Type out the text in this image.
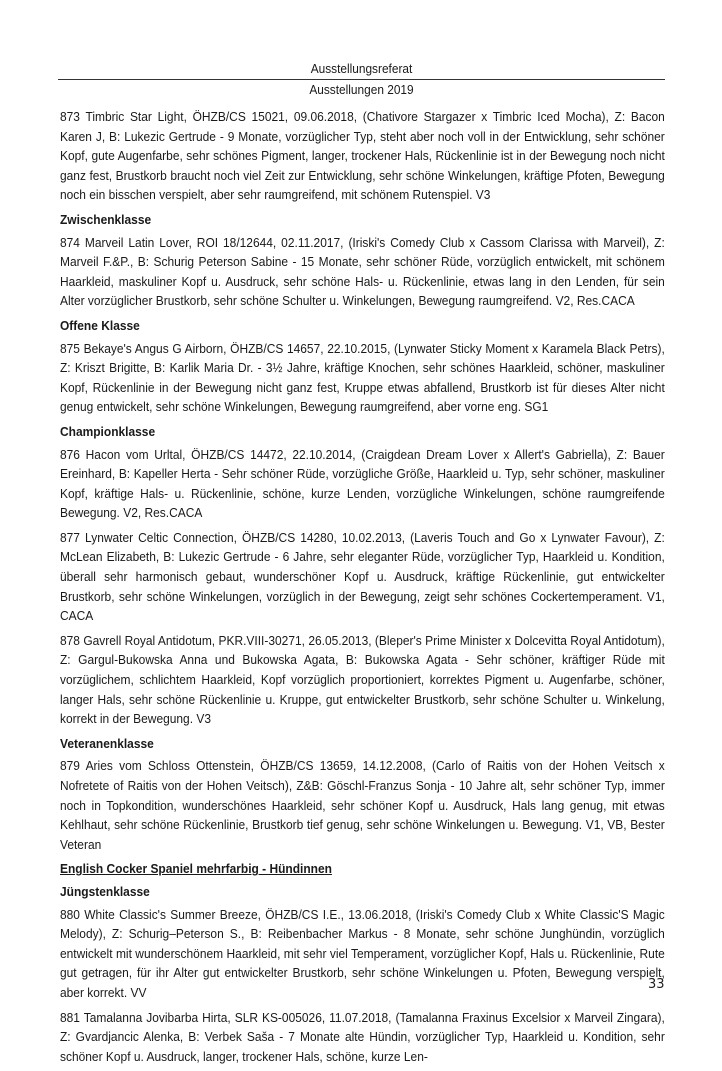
Ausstellungsreferat
Ausstellungen 2019

873 Timbric Star Light, ÖHZB/CS 15021, 09.06.2018, (Chativore Stargazer x Timbric Iced Mocha), Z: Bacon Karen J, B: Lukezic Gertrude - 9 Monate, vorzüglicher Typ, steht aber noch voll in der Entwicklung, sehr schöner Kopf, gute Augenfarbe, sehr schönes Pigment, langer, trockener Hals, Rückenlinie ist in der Bewegung noch nicht ganz fest, Brustkorb braucht noch viel Zeit zur Entwicklung, sehr schöne Winkelungen, kräftige Pfoten, Bewegung noch ein bisschen verspielt, aber sehr raumgreifend, mit schönem Rutenspiel. V3

Zwischenklasse

874 Marveil Latin Lover, ROI 18/12644, 02.11.2017, (Iriski's Comedy Club x Cassom Clarissa with Marveil), Z: Marveil F.&P., B: Schurig Peterson Sabine - 15 Monate, sehr schöner Rüde, vorzüglich entwickelt, mit schönem Haarkleid, maskuliner Kopf u. Ausdruck, sehr schöne Hals- u. Rückenlinie, etwas lang in den Lenden, für sein Alter vorzüglicher Brustkorb, sehr schöne Schulter u. Winkelungen, Bewegung raumgreifend. V2, Res.CACA

Offene Klasse

875 Bekaye's Angus G Airborn, ÖHZB/CS 14657, 22.10.2015, (Lynwater Sticky Moment x Karamela Black Petrs), Z: Kriszt Brigitte, B: Karlik Maria Dr. - 3½ Jahre, kräftige Knochen, sehr schönes Haarkleid, schöner, maskuliner Kopf, Rückenlinie in der Bewegung nicht ganz fest, Kruppe etwas abfallend, Brustkorb ist für dieses Alter nicht genug entwickelt, sehr schöne Winkelungen, Bewegung raumgreifend, aber vorne eng. SG1

Championklasse

876 Hacon vom Urltal, ÖHZB/CS 14472, 22.10.2014, (Craigdean Dream Lover x Allert's Gabriella), Z: Bauer Ereinhard, B: Kapeller Herta - Sehr schöner Rüde, vorzügliche Größe, Haarkleid u. Typ, sehr schöner, maskuliner Kopf, kräftige Hals- u. Rückenlinie, schöne, kurze Lenden, vorzügliche Winkelungen, schöne raumgreifende Bewegung. V2, Res.CACA

877 Lynwater Celtic Connection, ÖHZB/CS 14280, 10.02.2013, (Laveris Touch and Go x Lynwater Favour), Z: McLean Elizabeth, B: Lukezic Gertrude - 6 Jahre, sehr eleganter Rüde, vorzüglicher Typ, Haarkleid u. Kondition, überall sehr harmonisch gebaut, wunderschöner Kopf u. Ausdruck, kräftige Rückenlinie, gut entwickelter Brustkorb, sehr schöne Winkelungen, vorzüglich in der Bewegung, zeigt sehr schönes Cockertemperament. V1, CACA

878 Gavrell Royal Antidotum, PKR.VIII-30271, 26.05.2013, (Bleper's Prime Minister x Dolcevitta Royal Antidotum), Z: Gargul-Bukowska Anna und Bukowska Agata, B: Bukowska Agata - Sehr schöner, kräftiger Rüde mit vorzüglichem, schlichtem Haarkleid, Kopf vorzüglich proportioniert, korrektes Pigment u. Augenfarbe, schöner, langer Hals, sehr schöne Rückenlinie u. Kruppe, gut entwickelter Brustkorb, sehr schöne Schulter u. Winkelung, korrekt in der Bewegung. V3

Veteranenklasse

879 Aries vom Schloss Ottenstein, ÖHZB/CS 13659, 14.12.2008, (Carlo of Raitis von der Hohen Veitsch x Nofretete of Raitis von der Hohen Veitsch), Z&B: Göschl-Franzus Sonja - 10 Jahre alt, sehr schöner Typ, immer noch in Topkondition, wunderschönes Haarkleid, sehr schöner Kopf u. Ausdruck, Hals lang genug, mit etwas Kehlhaut, sehr schöne Rückenlinie, Brustkorb tief genug, sehr schöne Winkelungen u. Bewegung. V1, VB, Bester Veteran

English Cocker Spaniel mehrfarbig - Hündinnen
Jüngstenklasse

880 White Classic's Summer Breeze, ÖHZB/CS I.E., 13.06.2018, (Iriski's Comedy Club x White Classic'S Magic Melody), Z: Schurig–Peterson S., B: Reibenbacher Markus - 8 Monate, sehr schöne Junghündin, vorzüglich entwickelt mit wunderschönem Haarkleid, mit sehr viel Temperament, vorzüglicher Kopf, Hals u. Rückenlinie, Rute gut getragen, für ihr Alter gut entwickelter Brustkorb, sehr schöne Winkelungen u. Pfoten, Bewegung verspielt, aber korrekt. VV

881 Tamalanna Jovibarba Hirta, SLR KS-005026, 11.07.2018, (Tamalanna Fraxinus Excelsior x Marveil Zingara), Z: Gvardjancic Alenka, B: Verbek Saša - 7 Monate alte Hündin, vorzüglicher Typ, Haarkleid u. Kondition, sehr schöner Kopf u. Ausdruck, langer, trockener Hals, schöne, kurze Len-

33
